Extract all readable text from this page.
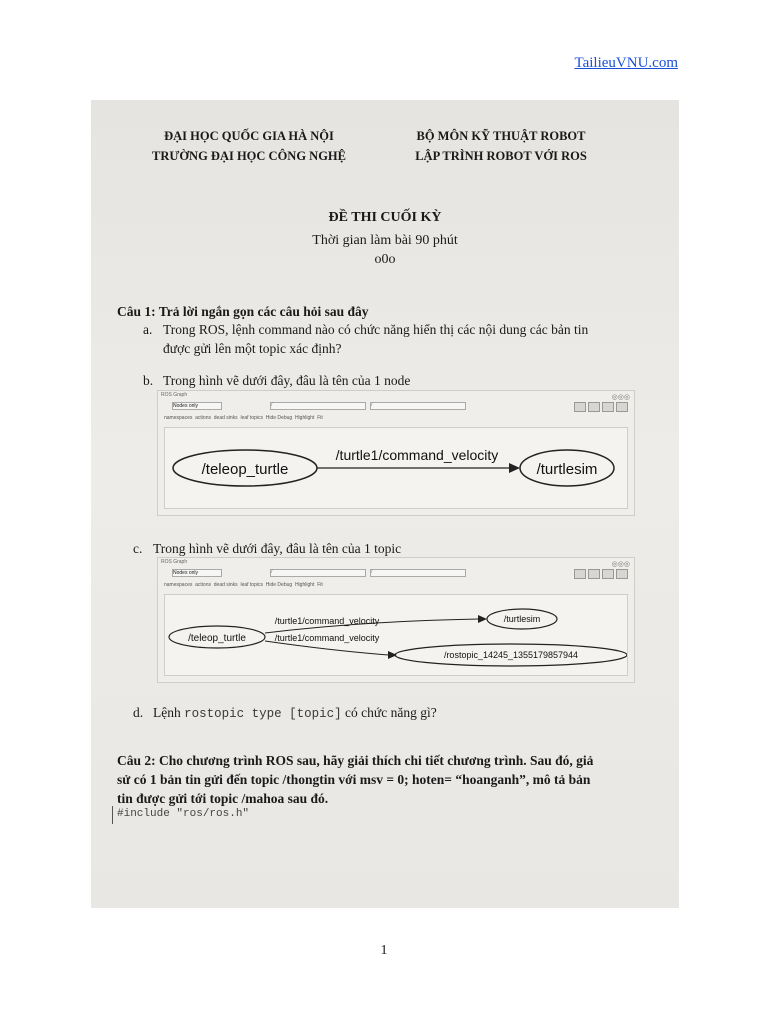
TailieuVNU.com
ĐẠI HỌC QUỐC GIA HÀ NỘI
TRƯỜNG ĐẠI HỌC CÔNG NGHỆ
BỘ MÔN KỸ THUẬT ROBOT
LẬP TRÌNH ROBOT VỚI ROS
ĐỀ THI CUỐI KỲ
Thời gian làm bài 90 phút
o0o
Câu 1: Trả lời ngắn gọn các câu hỏi sau đây
a. Trong ROS, lệnh command nào có chức năng hiển thị các nội dung các bản tin
được gửi lên một topic xác định?
b. Trong hình vẽ dưới đây, đâu là tên của 1 node
ROS Graph	◎◎◎
Nodes only	/	/
namespaces actions dead sinks leaf topics Hide Debug Highlight Fit
/teleop_turtle
/turtle1/command_velocity
/turtlesim
c. Trong hình vẽ dưới đây, đâu là tên của 1 topic
ROS Graph	◎◎◎
Nodes only	/	/
namespaces actions dead sinks leaf topics Hide Debug Highlight Fit
/teleop_turtle
/turtle1/command_velocity
/turtle1/command_velocity
/turtlesim
/rostopic_14245_1355179857944
d. Lệnh rostopic type [topic] có chức năng gì?
Câu 2: Cho chương trình ROS sau, hãy giải thích chi tiết chương trình. Sau đó, giả
sử có 1 bản tin gửi đến topic /thongtin với msv = 0; hoten= “hoanganh”, mô tả bản
tin được gửi tới topic /mahoa sau đó.
#include "ros/ros.h"
1
